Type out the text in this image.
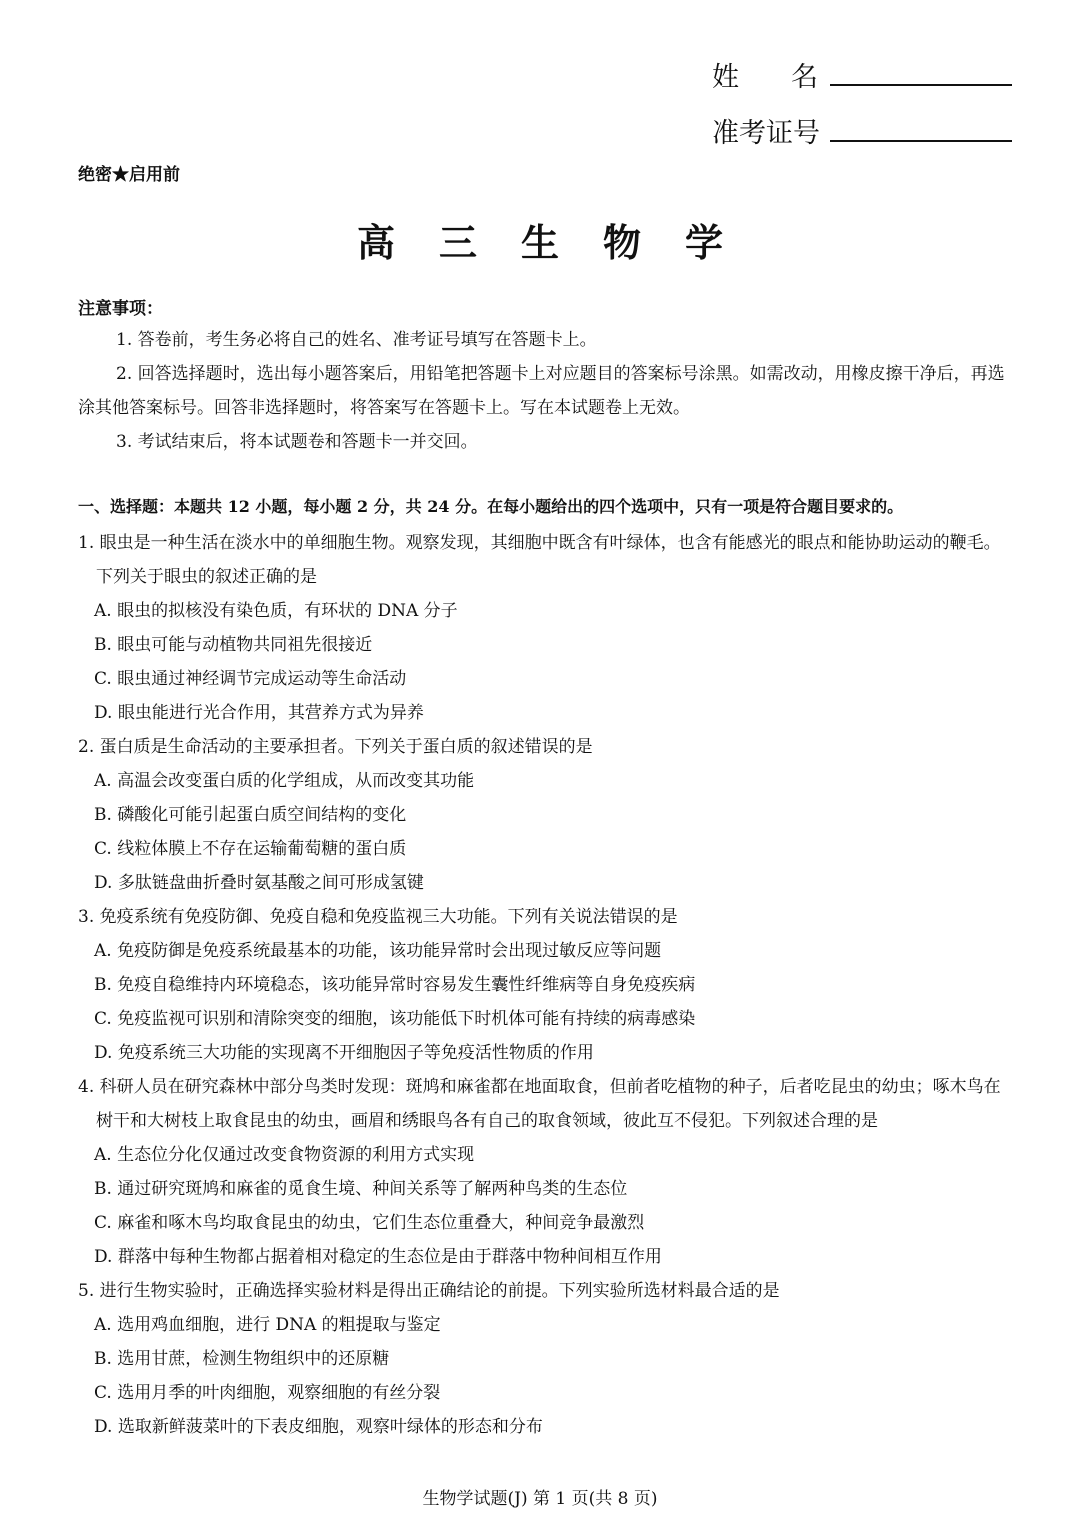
姓名
准考证号
绝密★启用前
高三生物学
注意事项：
1. 答卷前，考生务必将自己的姓名、准考证号填写在答题卡上。
2. 回答选择题时，选出每小题答案后，用铅笔把答题卡上对应题目的答案标号涂黑。如需改动，用橡皮擦干净后，再选涂其他答案标号。回答非选择题时，将答案写在答题卡上。写在本试题卷上无效。
3. 考试结束后，将本试题卷和答题卡一并交回。
一、选择题：本题共 12 小题，每小题 2 分，共 24 分。在每小题给出的四个选项中，只有一项是符合题目要求的。
1. 眼虫是一种生活在淡水中的单细胞生物。观察发现，其细胞中既含有叶绿体，也含有能感光的眼点和能协助运动的鞭毛。下列关于眼虫的叙述正确的是
A. 眼虫的拟核没有染色质，有环状的 DNA 分子
B. 眼虫可能与动植物共同祖先很接近
C. 眼虫通过神经调节完成运动等生命活动
D. 眼虫能进行光合作用，其营养方式为异养
2. 蛋白质是生命活动的主要承担者。下列关于蛋白质的叙述错误的是
A. 高温会改变蛋白质的化学组成，从而改变其功能
B. 磷酸化可能引起蛋白质空间结构的变化
C. 线粒体膜上不存在运输葡萄糖的蛋白质
D. 多肽链盘曲折叠时氨基酸之间可形成氢键
3. 免疫系统有免疫防御、免疫自稳和免疫监视三大功能。下列有关说法错误的是
A. 免疫防御是免疫系统最基本的功能，该功能异常时会出现过敏反应等问题
B. 免疫自稳维持内环境稳态，该功能异常时容易发生囊性纤维病等自身免疫疾病
C. 免疫监视可识别和清除突变的细胞，该功能低下时机体可能有持续的病毒感染
D. 免疫系统三大功能的实现离不开细胞因子等免疫活性物质的作用
4. 科研人员在研究森林中部分鸟类时发现：斑鸠和麻雀都在地面取食，但前者吃植物的种子，后者吃昆虫的幼虫；啄木鸟在树干和大树枝上取食昆虫的幼虫，画眉和绣眼鸟各有自己的取食领域，彼此互不侵犯。下列叙述合理的是
A. 生态位分化仅通过改变食物资源的利用方式实现
B. 通过研究斑鸠和麻雀的觅食生境、种间关系等了解两种鸟类的生态位
C. 麻雀和啄木鸟均取食昆虫的幼虫，它们生态位重叠大，种间竞争最激烈
D. 群落中每种生物都占据着相对稳定的生态位是由于群落中物种间相互作用
5. 进行生物实验时，正确选择实验材料是得出正确结论的前提。下列实验所选材料最合适的是
A. 选用鸡血细胞，进行 DNA 的粗提取与鉴定
B. 选用甘蔗，检测生物组织中的还原糖
C. 选用月季的叶肉细胞，观察细胞的有丝分裂
D. 选取新鲜菠菜叶的下表皮细胞，观察叶绿体的形态和分布
生物学试题(J) 第 1 页(共 8 页)
